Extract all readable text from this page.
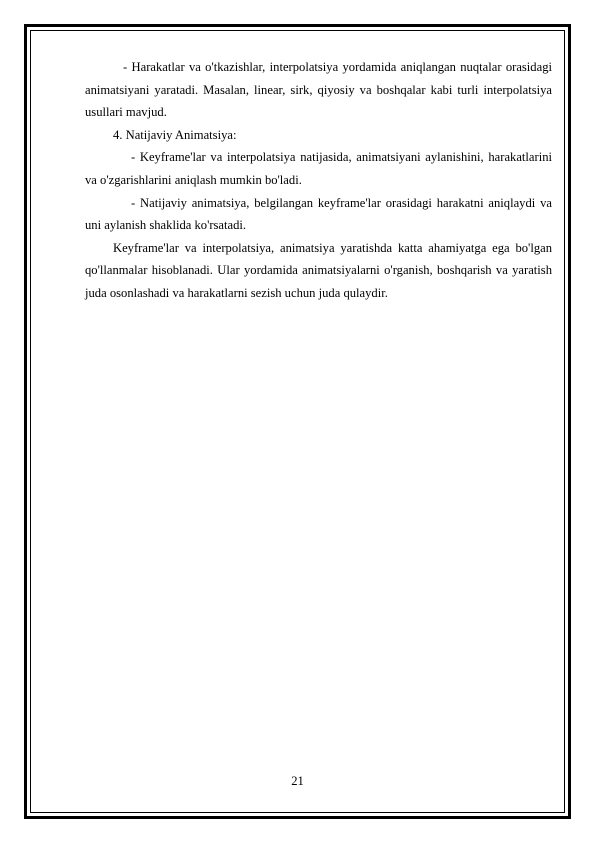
- Harakatlar va o'tkazishlar, interpolatsiya yordamida aniqlangan nuqtalar orasidagi animatsiyani yaratadi. Masalan, linear, sirk, qiyosiy va boshqalar kabi turli interpolatsiya usullari mavjud.

4. Natijaviy Animatsiya:

- Keyframe'lar va interpolatsiya natijasida, animatsiyani aylanishini, harakatlarini va o'zgarishlarini aniqlash mumkin bo'ladi.

- Natijaviy animatsiya, belgilangan keyframe'lar orasidagi harakatni aniqlaydi va uni aylanish shaklida ko'rsatadi.

Keyframe'lar va interpolatsiya, animatsiya yaratishda katta ahamiyatga ega bo'lgan qo'llanmalar hisoblanadi. Ular yordamida animatsiyalarni o'rganish, boshqarish va yaratish juda osonlashadi va harakatlarni sezish uchun juda qulaydir.

21
